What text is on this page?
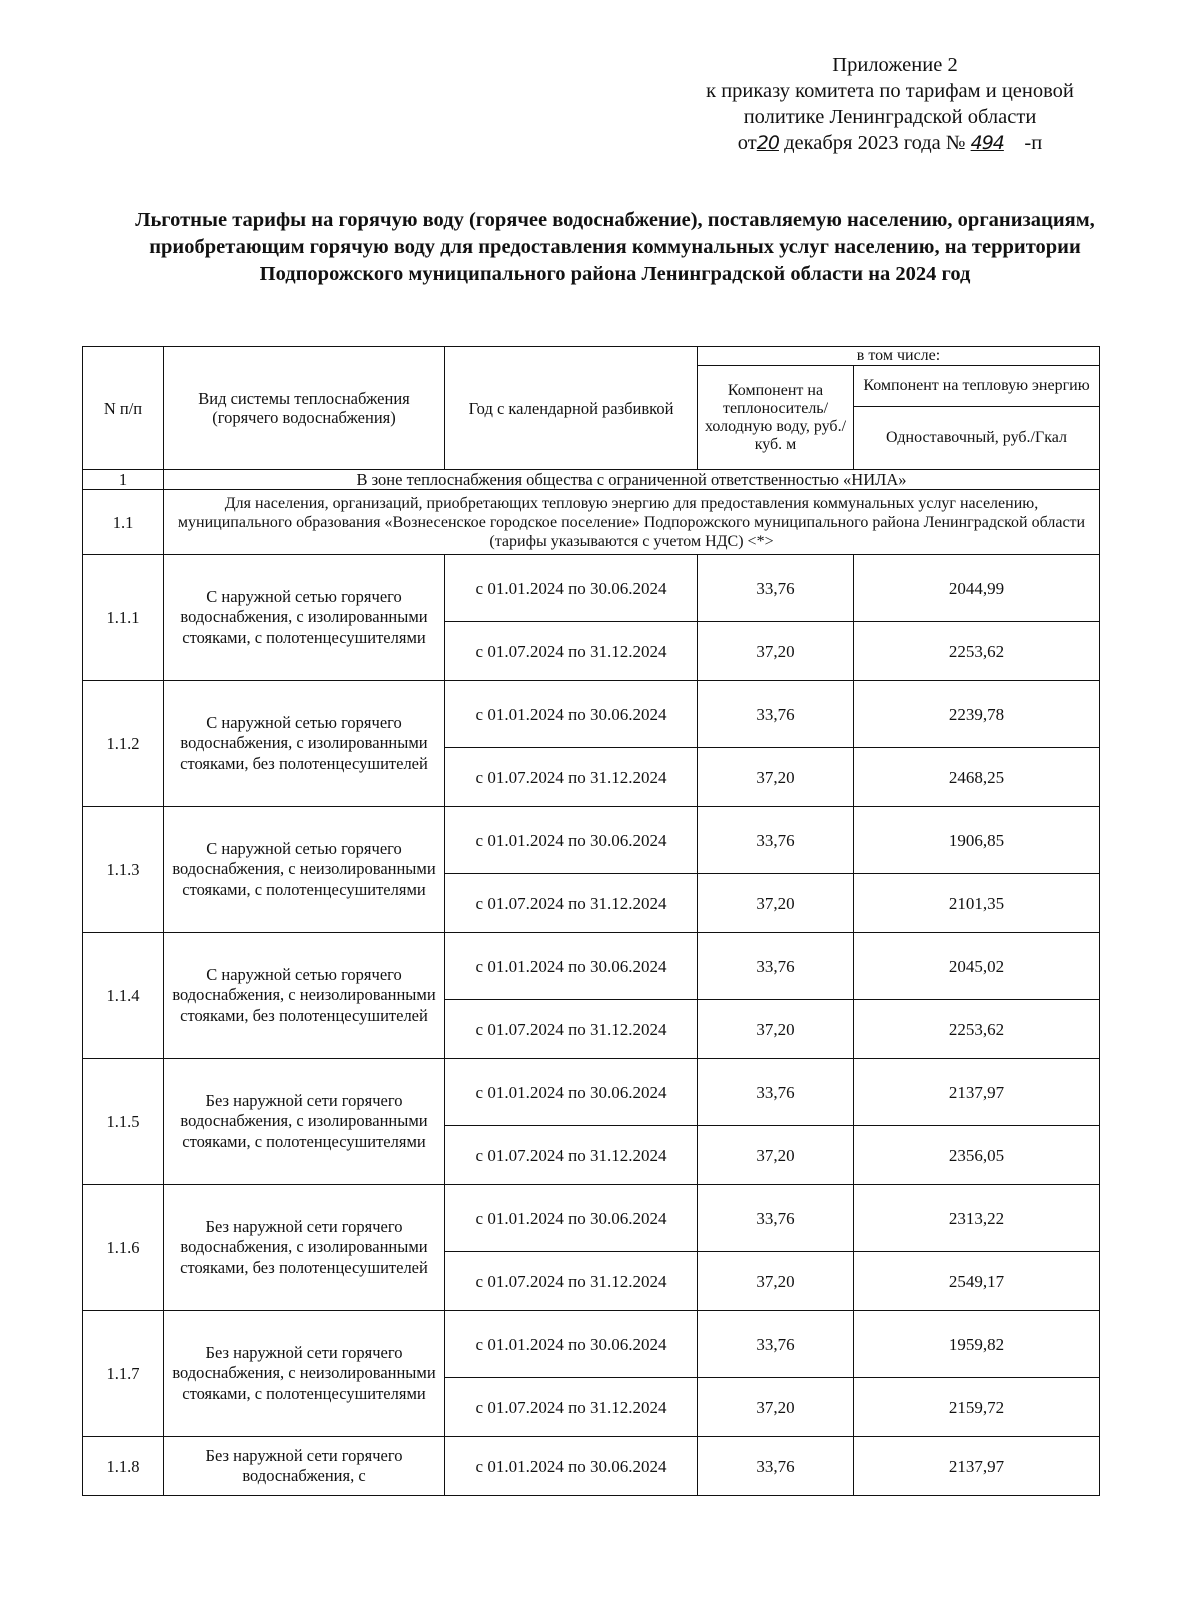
Приложение 2
к приказу комитета по тарифам и ценовой
политике Ленинградской области
от20 декабря 2023 года № 494 -п
Льготные тарифы на горячую воду (горячее водоснабжение), поставляемую населению, организациям, приобретающим горячую воду для предоставления коммунальных услуг населению, на территории Подпорожского муниципального района Ленинградской области на 2024 год
N п/п	Вид системы теплоснабжения (горячего водоснабжения)	Год с календарной разбивкой	в том числе:	
			Компонент на теплоноситель/ холодную воду, руб./куб. м	Компонент на тепловую энергию
				Одноставочный, руб./Гкал
1	В зоне теплоснабжения общества с ограниченной ответственностью «НИЛА»			
1.1	Для населения, организаций, приобретающих тепловую энергию для предоставления коммунальных услуг населению, муниципального образования «Вознесенское городское поселение» Подпорожского муниципального района Ленинградской области (тарифы указываются с учетом НДС) <*>			
1.1.1	С наружной сетью горячего водоснабжения, с изолированными стояками, с полотенцесушителями	с 01.01.2024 по 30.06.2024	33,76	2044,99
		с 01.07.2024 по 31.12.2024	37,20	2253,62
1.1.2	С наружной сетью горячего водоснабжения, с изолированными стояками, без полотенцесушителей	с 01.01.2024 по 30.06.2024	33,76	2239,78
		с 01.07.2024 по 31.12.2024	37,20	2468,25
1.1.3	С наружной сетью горячего водоснабжения, с неизолированными стояками, с полотенцесушителями	с 01.01.2024 по 30.06.2024	33,76	1906,85
		с 01.07.2024 по 31.12.2024	37,20	2101,35
1.1.4	С наружной сетью горячего водоснабжения, с неизолированными стояками, без полотенцесушителей	с 01.01.2024 по 30.06.2024	33,76	2045,02
		с 01.07.2024 по 31.12.2024	37,20	2253,62
1.1.5	Без наружной сети горячего водоснабжения, с изолированными стояками, с полотенцесушителями	с 01.01.2024 по 30.06.2024	33,76	2137,97
		с 01.07.2024 по 31.12.2024	37,20	2356,05
1.1.6	Без наружной сети горячего водоснабжения, с изолированными стояками, без полотенцесушителей	с 01.01.2024 по 30.06.2024	33,76	2313,22
		с 01.07.2024 по 31.12.2024	37,20	2549,17
1.1.7	Без наружной сети горячего водоснабжения, с неизолированными стояками, с полотенцесушителями	с 01.01.2024 по 30.06.2024	33,76	1959,82
		с 01.07.2024 по 31.12.2024	37,20	2159,72
1.1.8	Без наружной сети горячего водоснабжения, с	с 01.01.2024 по 30.06.2024	33,76	2137,97
